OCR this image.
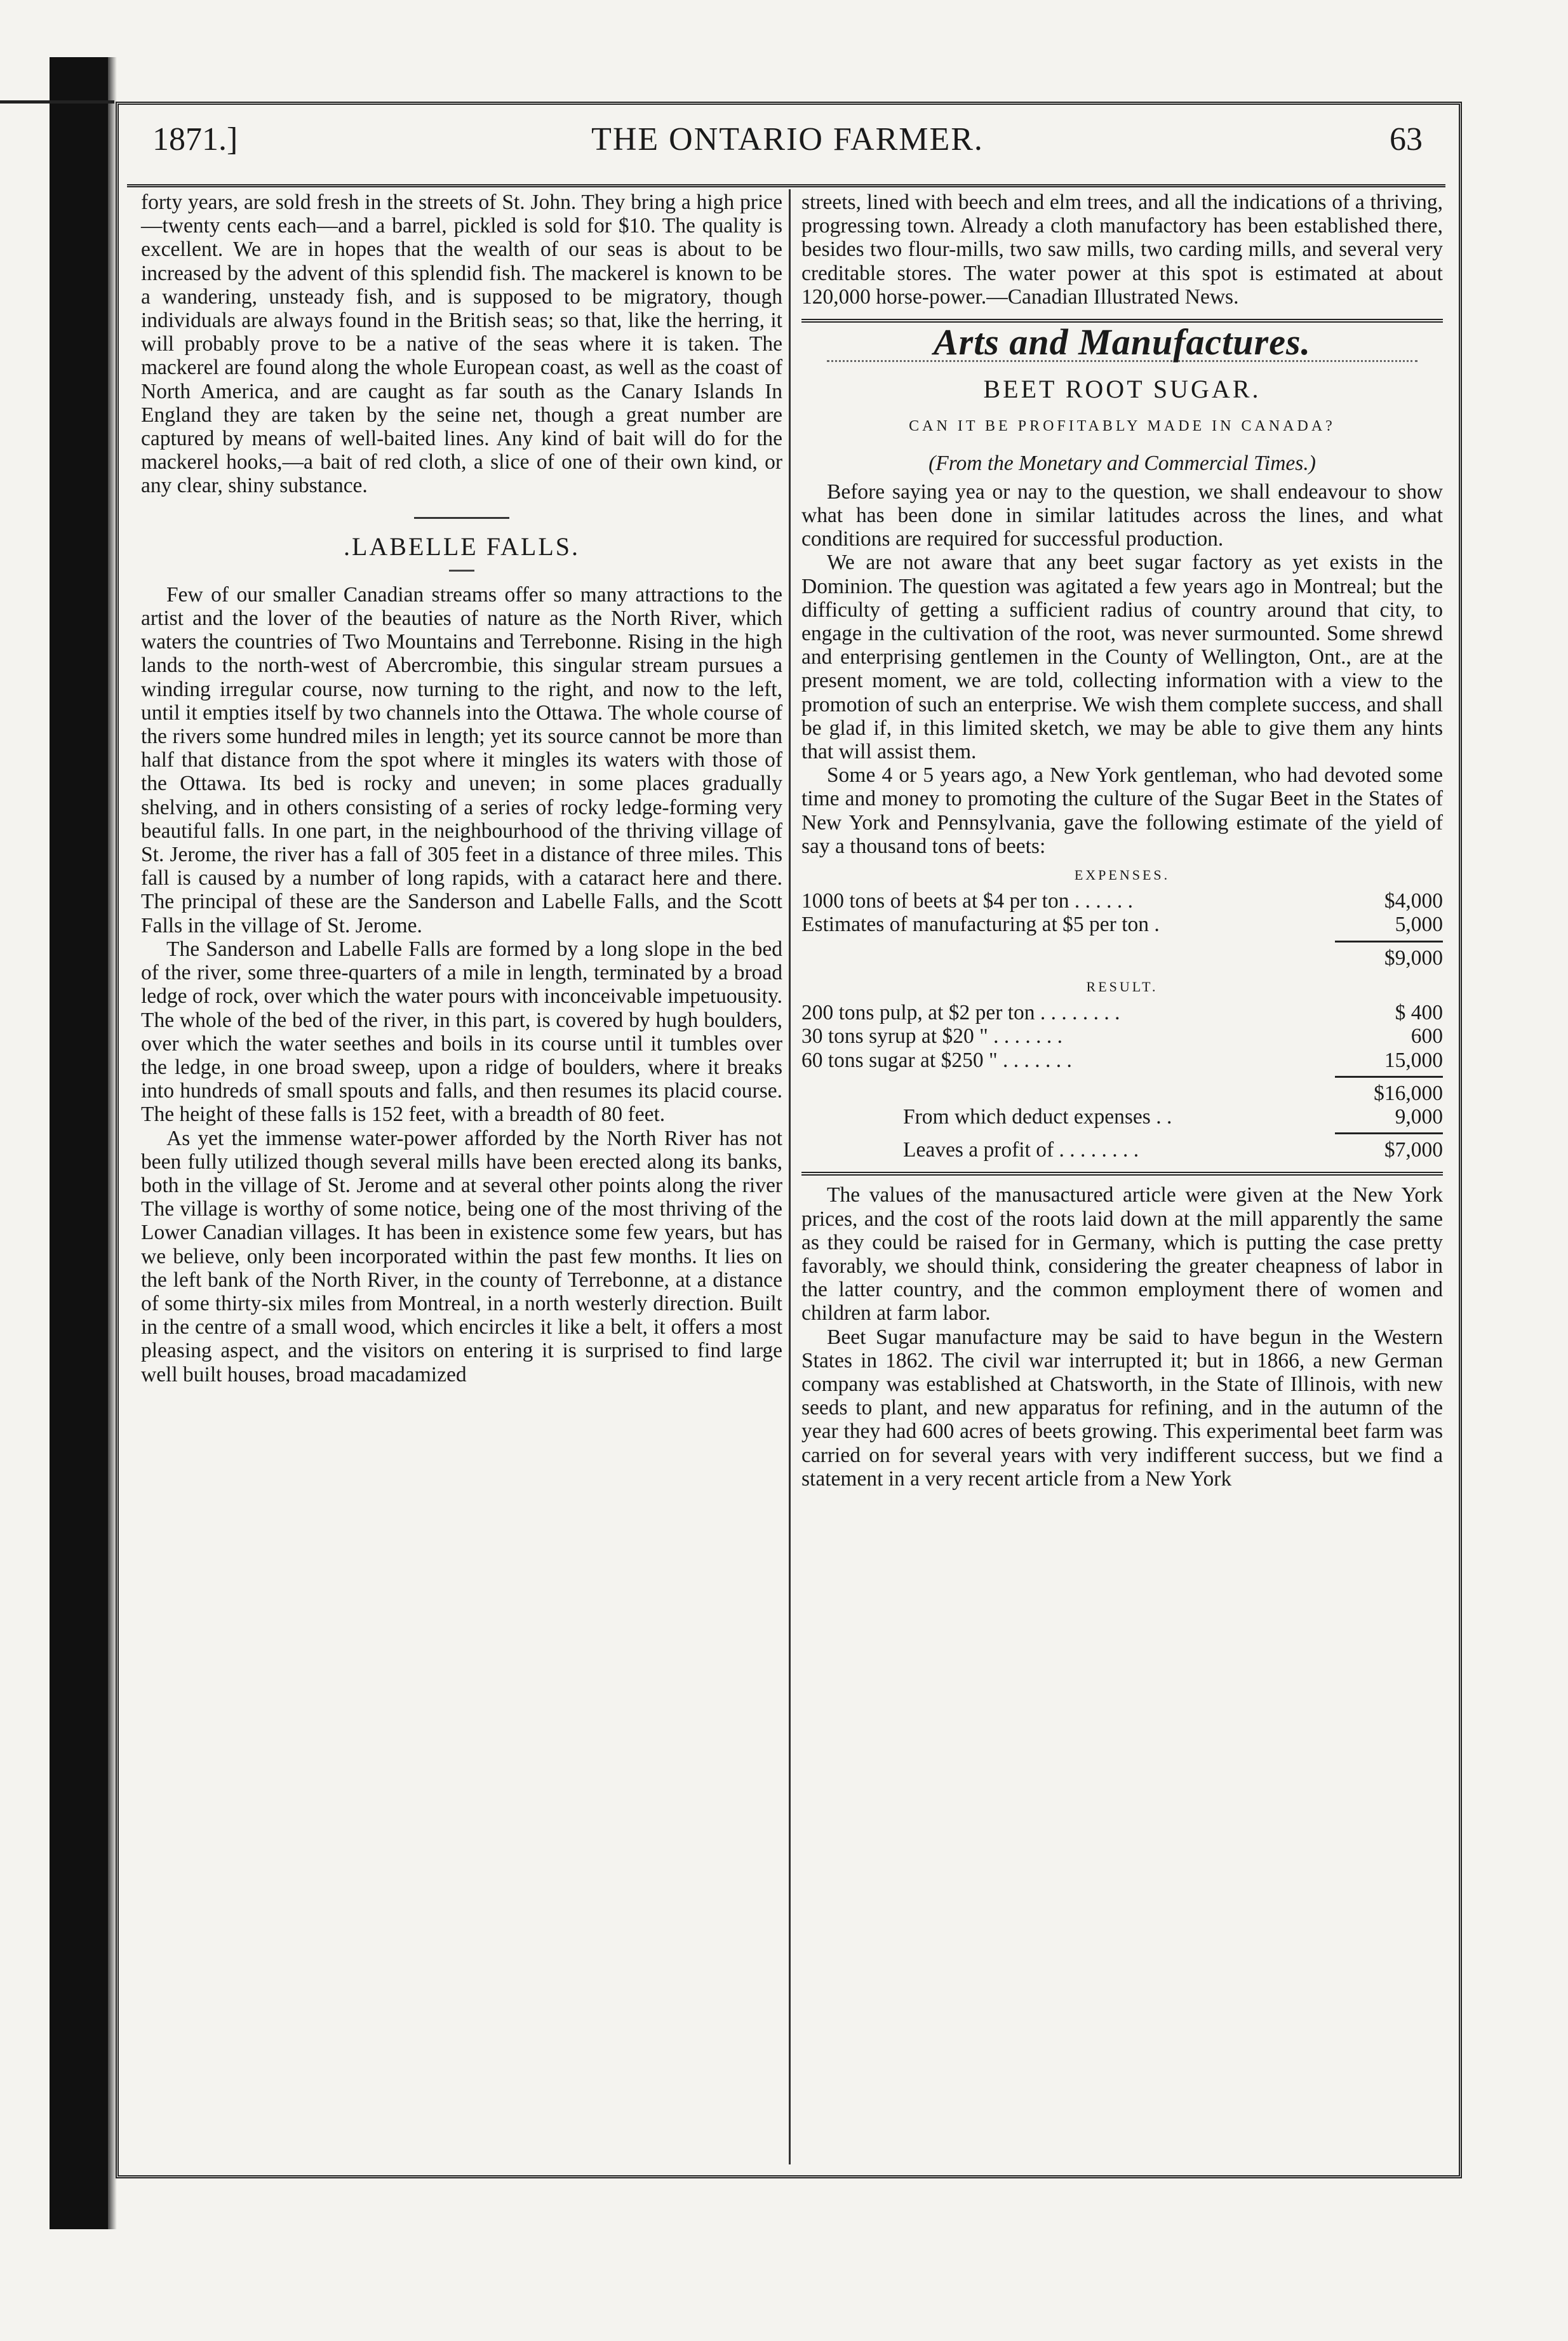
1871.]	THE ONTARIO FARMER.	63

forty years, are sold fresh in the streets of St. John. They bring a high price—twenty cents each—and a barrel, pickled is sold for $10. The quality is excellent. We are in hopes that the wealth of our seas is about to be increased by the advent of this splendid fish. The mackerel is known to be a wandering, unsteady fish, and is supposed to be migratory, though individuals are always found in the British seas; so that, like the herring, it will probably prove to be a native of the seas where it is taken. The mackerel are found along the whole European coast, as well as the coast of North America, and are caught as far south as the Canary Islands In England they are taken by the seine net, though a great number are captured by means of well-baited lines. Any kind of bait will do for the mackerel hooks,—a bait of red cloth, a slice of one of their own kind, or any clear, shiny substance.

.LABELLE FALLS.

Few of our smaller Canadian streams offer so many attractions to the artist and the lover of the beauties of nature as the North River, which waters the countries of Two Mountains and Terrebonne. Rising in the high lands to the north-west of Abercrombie, this singular stream pursues a winding irregular course, now turning to the right, and now to the left, until it empties itself by two channels into the Ottawa. The whole course of the rivers some hundred miles in length; yet its source cannot be more than half that distance from the spot where it mingles its waters with those of the Ottawa. Its bed is rocky and uneven; in some places gradually shelving, and in others consisting of a series of rocky ledge-forming very beautiful falls. In one part, in the neighbourhood of the thriving village of St. Jerome, the river has a fall of 305 feet in a distance of three miles. This fall is caused by a number of long rapids, with a cataract here and there. The principal of these are the Sanderson and Labelle Falls, and the Scott Falls in the village of St. Jerome.

The Sanderson and Labelle Falls are formed by a long slope in the bed of the river, some three-quarters of a mile in length, terminated by a broad ledge of rock, over which the water pours with inconceivable impetuousity. The whole of the bed of the river, in this part, is covered by hugh boulders, over which the water seethes and boils in its course until it tumbles over the ledge, in one broad sweep, upon a ridge of boulders, where it breaks into hundreds of small spouts and falls, and then resumes its placid course. The height of these falls is 152 feet, with a breadth of 80 feet.

As yet the immense water-power afforded by the North River has not been fully utilized though several mills have been erected along its banks, both in the village of St. Jerome and at several other points along the river The village is worthy of some notice, being one of the most thriving of the Lower Canadian villages. It has been in existence some few years, but has we believe, only been incorporated within the past few months. It lies on the left bank of the North River, in the county of Terrebonne, at a distance of some thirty-six miles from Montreal, in a north westerly direction. Built in the centre of a small wood, which encircles it like a belt, it offers a most pleasing aspect, and the visitors on entering it is surprised to find large well built houses, broad macadamized

streets, lined with beech and elm trees, and all the indications of a thriving, progressing town. Already a cloth manufactory has been established there, besides two flour-mills, two saw mills, two carding mills, and several very creditable stores. The water power at this spot is estimated at about 120,000 horse-power.—Canadian Illustrated News.

Arts and Manufactures.
BEET ROOT SUGAR.
CAN IT BE PROFITABLY MADE IN CANADA?
(From the Monetary and Commercial Times.)

Before saying yea or nay to the question, we shall endeavour to show what has been done in similar latitudes across the lines, and what conditions are required for successful production.

We are not aware that any beet sugar factory as yet exists in the Dominion. The question was agitated a few years ago in Montreal; but the difficulty of getting a sufficient radius of country around that city, to engage in the cultivation of the root, was never surmounted. Some shrewd and enterprising gentlemen in the County of Wellington, Ont., are at the present moment, we are told, collecting information with a view to the promotion of such an enterprise. We wish them complete success, and shall be glad if, in this limited sketch, we may be able to give them any hints that will assist them.

Some 4 or 5 years ago, a New York gentleman, who had devoted some time and money to promoting the culture of the Sugar Beet in the States of New York and Pennsylvania, gave the following estimate of the yield of say a thousand tons of beets:

EXPENSES.
1000 tons of beets at $4 per ton . . . . . .	$4,000
Estimates of manufacturing at $5 per ton .	5,000
$9,000
RESULT.
200 tons pulp, at $2 per ton . . . . . . . .	$ 400
30 tons syrup at $20 " . . . . . . .	600
60 tons sugar at $250 " . . . . . . .	15,000
$16,000
From which deduct expenses . .	9,000
Leaves a profit of . . . . . . . .	$7,000

The values of the manusactured article were given at the New York prices, and the cost of the roots laid down at the mill apparently the same as they could be raised for in Germany, which is putting the case pretty favorably, we should think, considering the greater cheapness of labor in the latter country, and the common employment there of women and children at farm labor.

Beet Sugar manufacture may be said to have begun in the Western States in 1862. The civil war interrupted it; but in 1866, a new German company was established at Chatsworth, in the State of Illinois, with new seeds to plant, and new apparatus for refining, and in the autumn of the year they had 600 acres of beets growing. This experimental beet farm was carried on for several years with very indifferent success, but we find a statement in a very recent article from a New York
